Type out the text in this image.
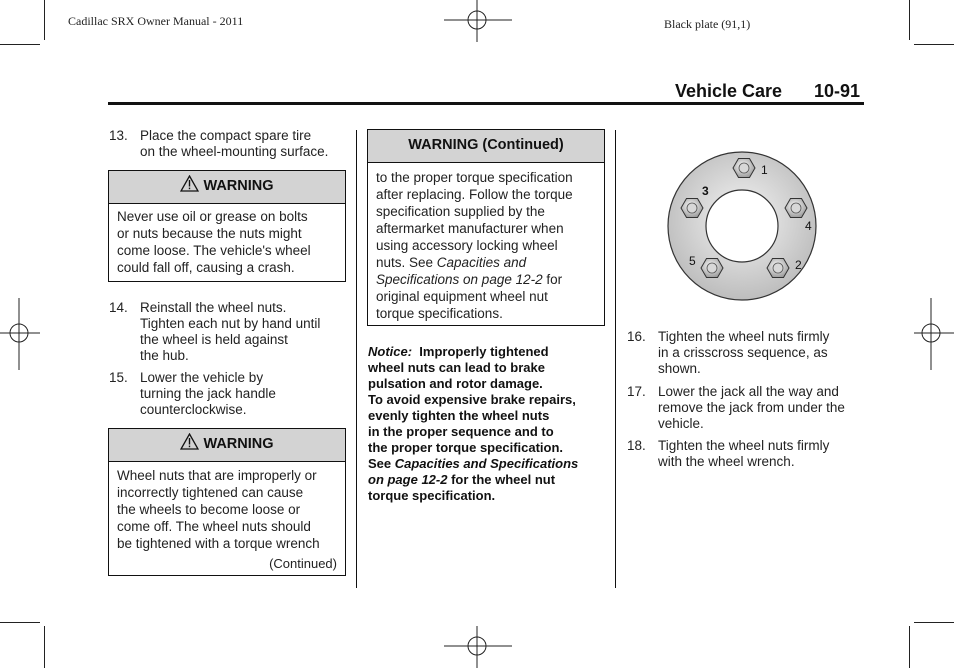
Cadillac SRX Owner Manual - 2011	Black plate (91,1)
Vehicle Care 10-91
13. Place the compact spare tire
on the wheel-mounting surface.
WARNING
Never use oil or grease on bolts
or nuts because the nuts might
come loose. The vehicle's wheel
could fall off, causing a crash.
14. Reinstall the wheel nuts.
Tighten each nut by hand until
the wheel is held against
the hub.
15. Lower the vehicle by
turning the jack handle
counterclockwise.
WARNING
Wheel nuts that are improperly or
incorrectly tightened can cause
the wheels to become loose or
come off. The wheel nuts should
be tightened with a torque wrench
(Continued)
WARNING (Continued)
to the proper torque specification
after replacing. Follow the torque
specification supplied by the
aftermarket manufacturer when
using accessory locking wheel
nuts. See Capacities and
Specifications on page 12-2 for
original equipment wheel nut
torque specifications.
Notice: Improperly tightened
wheel nuts can lead to brake
pulsation and rotor damage.
To avoid expensive brake repairs,
evenly tighten the wheel nuts
in the proper sequence and to
the proper torque specification.
See Capacities and Specifications
on page 12-2 for the wheel nut
torque specification.
1
3
4
5	2
16. Tighten the wheel nuts firmly
in a crisscross sequence, as
shown.
17. Lower the jack all the way and
remove the jack from under the
vehicle.
18. Tighten the wheel nuts firmly
with the wheel wrench.
